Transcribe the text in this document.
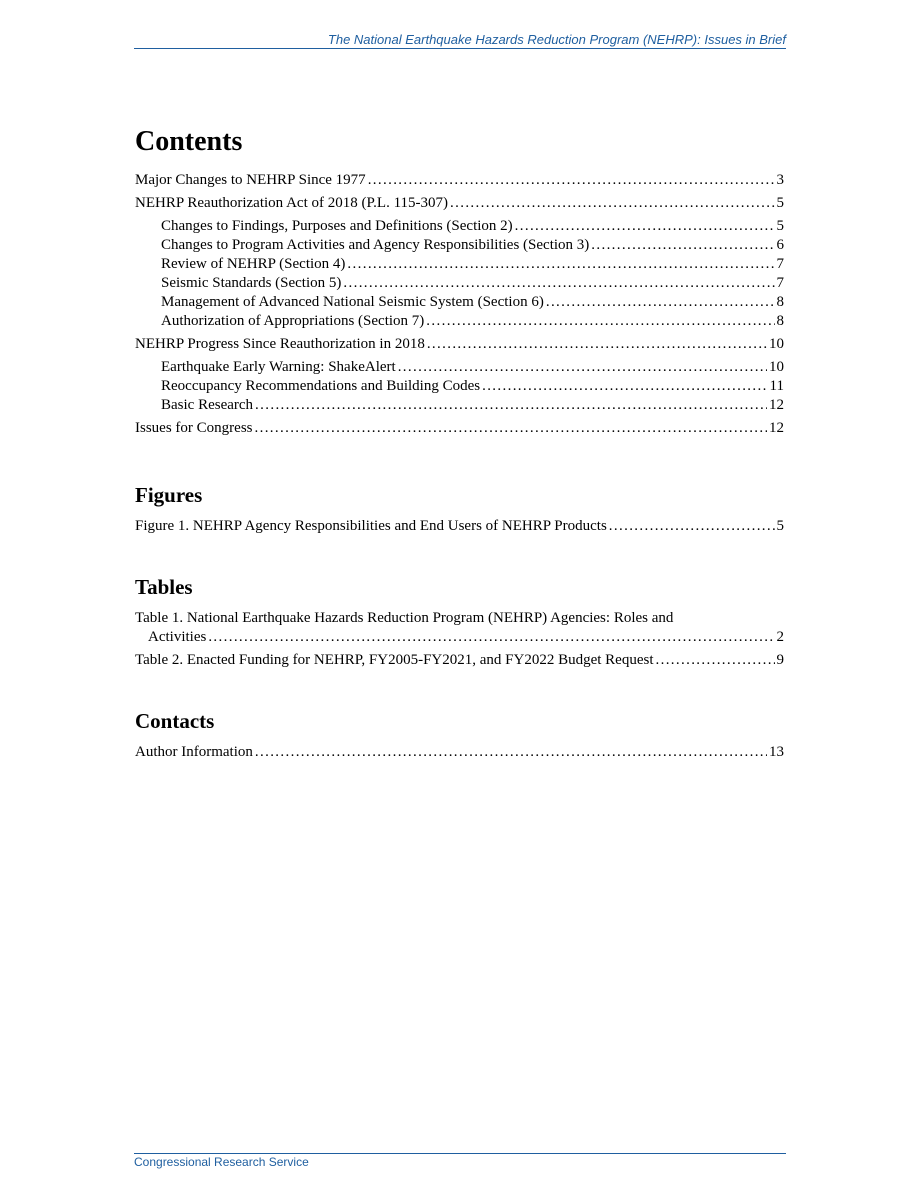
The National Earthquake Hazards Reduction Program (NEHRP): Issues in Brief
Contents
Major Changes to NEHRP Since 1977 . . .	3
NEHRP Reauthorization Act of 2018 (P.L. 115-307) . . .	5
Changes to Findings, Purposes and Definitions (Section 2) . . .	5
Changes to Program Activities and Agency Responsibilities (Section 3) . . .	6
Review of NEHRP (Section 4) . . .	7
Seismic Standards (Section 5) . . .	7
Management of Advanced National Seismic System (Section 6) . . .	8
Authorization of Appropriations (Section 7) . . .	8
NEHRP Progress Since Reauthorization in 2018 . . .	10
Earthquake Early Warning: ShakeAlert . . .	10
Reoccupancy Recommendations and Building Codes . . .	11
Basic Research . . .	12
Issues for Congress . . .	12
Figures
Figure 1. NEHRP Agency Responsibilities and End Users of NEHRP Products . . .	5
Tables
Table 1. National Earthquake Hazards Reduction Program (NEHRP) Agencies: Roles and
Activities . . .	2
Table 2. Enacted Funding for NEHRP, FY2005-FY2021, and FY2022 Budget Request . . .	9
Contacts
Author Information . . .	13
Congressional Research Service
